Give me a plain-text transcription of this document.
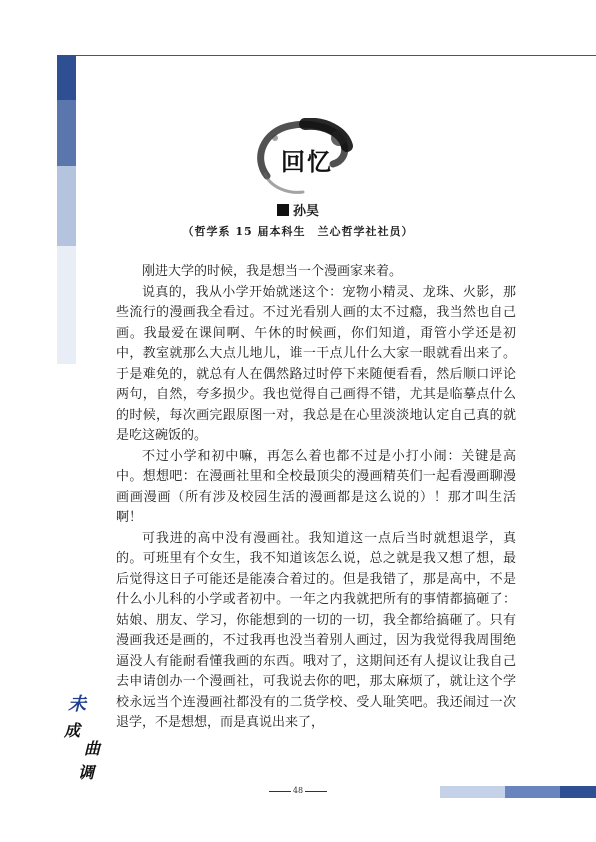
回忆
孙昊
（哲学系 15 届本科生　兰心哲学社社员）

刚进大学的时候，我是想当一个漫画家来着。

说真的，我从小学开始就迷这个：宠物小精灵、龙珠、火影，那些流行的漫画我全看过。不过光看别人画的太不过瘾，我当然也自己画。我最爱在课间啊、午休的时候画，你们知道，甭管小学还是初中，教室就那么大点儿地儿，谁一干点儿什么大家一眼就看出来了。于是难免的，就总有人在偶然路过时停下来随便看看，然后顺口评论两句，自然，夸多损少。我也觉得自己画得不错，尤其是临摹点什么的时候，每次画完跟原图一对，我总是在心里淡淡地认定自己真的就是吃这碗饭的。

不过小学和初中嘛，再怎么着也都不过是小打小闹：关键是高中。想想吧：在漫画社里和全校最顶尖的漫画精英们一起看漫画聊漫画画漫画（所有涉及校园生活的漫画都是这么说的）！那才叫生活啊！

可我进的高中没有漫画社。我知道这一点后当时就想退学，真的。可班里有个女生，我不知道该怎么说，总之就是我又想了想，最后觉得这日子可能还是能凑合着过的。但是我错了，那是高中，不是什么小儿科的小学或者初中。一年之内我就把所有的事情都搞砸了：姑娘、朋友、学习，你能想到的一切的一切，我全都给搞砸了。只有漫画我还是画的，不过我再也没当着别人画过，因为我觉得我周围绝逼没人有能耐看懂我画的东西。哦对了，这期间还有人提议让我自己去申请创办一个漫画社，可我说去你的吧，那太麻烦了，就让这个学校永远当个连漫画社都没有的二货学校、受人耻笑吧。我还闹过一次退学，不是想想，而是真说出来了，

未
成
曲
调
48
